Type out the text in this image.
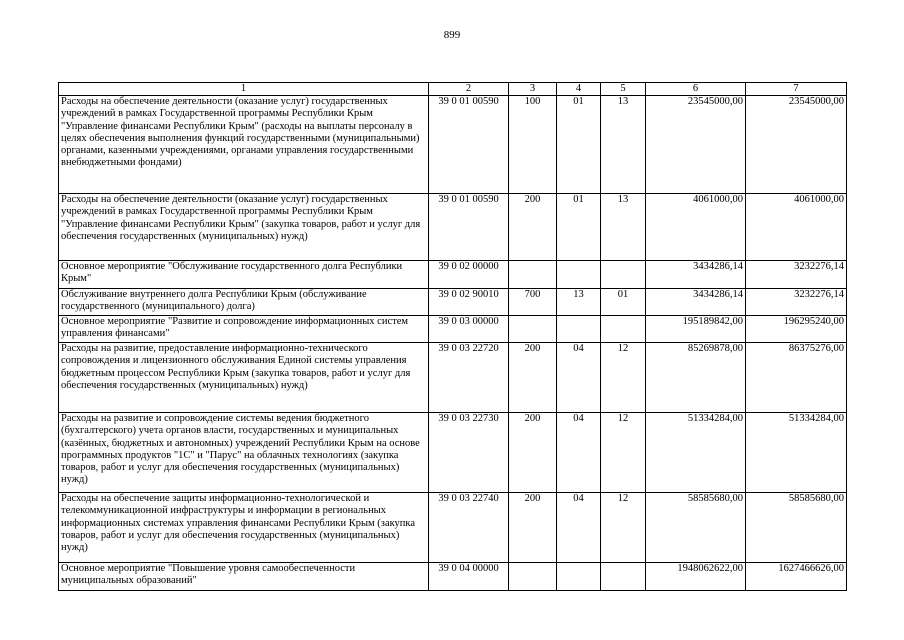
899
1	2	3	4	5	6	7
Расходы на обеспечение деятельности (оказание услуг) государственных учреждений в рамках Государственной программы Республики Крым "Управление финансами Республики Крым" (расходы на выплаты персоналу в целях обеспечения выполнения функций государственными (муниципальными) органами, казенными учреждениями, органами управления государственными внебюджетными фондами)	39 0 01 00590	100	01	13	23545000,00	23545000,00
Расходы на обеспечение деятельности (оказание услуг) государственных учреждений в рамках Государственной программы Республики Крым "Управление финансами Республики Крым" (закупка товаров, работ и услуг для обеспечения государственных (муниципальных) нужд)	39 0 01 00590	200	01	13	4061000,00	4061000,00
Основное мероприятие "Обслуживание государственного долга Республики Крым"	39 0 02 00000				3434286,14	3232276,14
Обслуживание внутреннего долга Республики Крым (обслуживание государственного (муниципального) долга)	39 0 02 90010	700	13	01	3434286,14	3232276,14
Основное мероприятие "Развитие и сопровождение информационных систем управления финансами"	39 0 03 00000				195189842,00	196295240,00
Расходы на развитие, предоставление информационно-технического сопровождения и лицензионного обслуживания Единой системы управления бюджетным процессом Республики Крым (закупка товаров, работ и услуг для обеспечения государственных (муниципальных) нужд)	39 0 03 22720	200	04	12	85269878,00	86375276,00
Расходы на развитие и сопровождение системы ведения бюджетного (бухгалтерского) учета органов власти, государственных и муниципальных (казённых, бюджетных и автономных) учреждений Республики Крым на основе программных продуктов "1С" и "Парус" на облачных технологиях (закупка товаров, работ и услуг для обеспечения государственных (муниципальных) нужд)	39 0 03 22730	200	04	12	51334284,00	51334284,00
Расходы на обеспечение защиты информационно-технологической и телекоммуникационной инфраструктуры и информации в региональных информационных системах управления финансами Республики Крым (закупка товаров, работ и услуг для обеспечения государственных (муниципальных) нужд)	39 0 03 22740	200	04	12	58585680,00	58585680,00
Основное мероприятие "Повышение уровня самообеспеченности муниципальных образований"	39 0 04 00000				1948062622,00	1627466626,00
